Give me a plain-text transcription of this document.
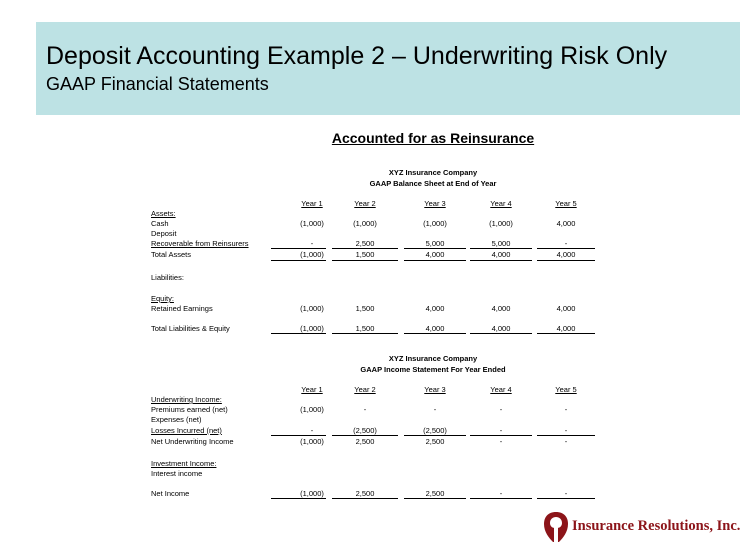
Deposit Accounting Example 2 – Underwriting Risk Only
GAAP Financial Statements
Accounted for as Reinsurance
XYZ Insurance Company
GAAP Balance Sheet at End of Year
Year 1	Year 2	Year 3	Year 4	Year 5
Assets:
Cash	(1,000)	(1,000)	(1,000)	(1,000)	4,000
Deposit
Recoverable from Reinsurers	-	2,500	5,000	5,000	-
Total Assets	(1,000)	1,500	4,000	4,000	4,000
Liabilities:
Equity:
Retained Earnings	(1,000)	1,500	4,000	4,000	4,000
Total Liabilities & Equity	(1,000)	1,500	4,000	4,000	4,000
XYZ Insurance Company
GAAP Income Statement For Year Ended
Year 1	Year 2	Year 3	Year 4	Year 5
Underwriting Income:
Premiums earned (net)	(1,000)	-	-	-	-
Expenses (net)
Losses Incurred (net)	-	(2,500)	(2,500)	-	-
Net Underwriting Income	(1,000)	2,500	2,500	-	-
Investment Income:
Interest income
Net Income	(1,000)	2,500	2,500	-	-
Insurance Resolutions, Inc.
